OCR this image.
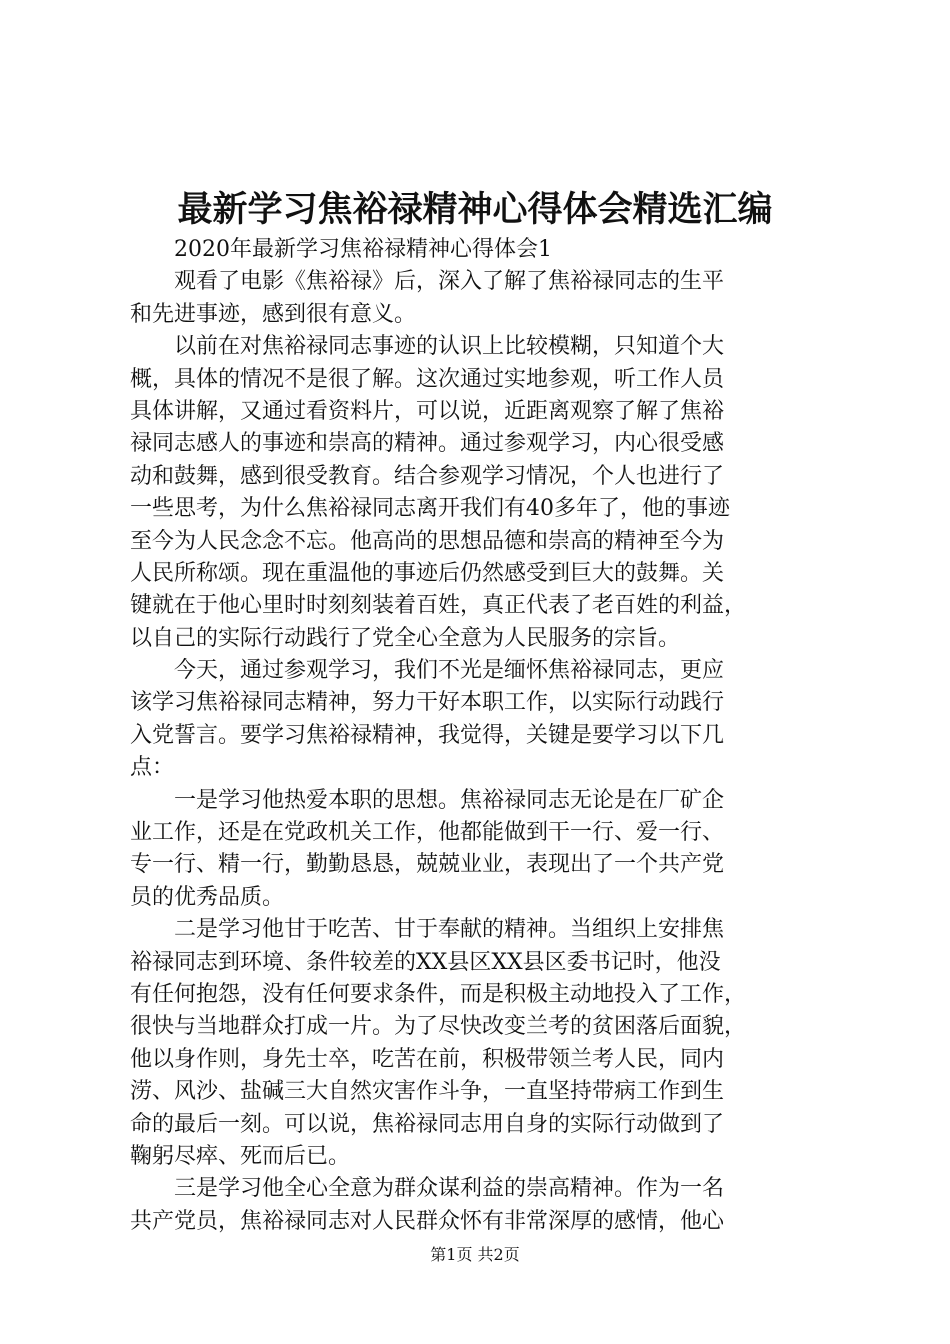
最新学习焦裕禄精神心得体会精选汇编
2020年最新学习焦裕禄精神心得体会1
观看了电影《焦裕禄》后，深入了解了焦裕禄同志的生平
和先进事迹，感到很有意义。
以前在对焦裕禄同志事迹的认识上比较模糊，只知道个大
概，具体的情况不是很了解。这次通过实地参观，听工作人员
具体讲解，又通过看资料片，可以说，近距离观察了解了焦裕
禄同志感人的事迹和崇高的精神。通过参观学习，内心很受感
动和鼓舞，感到很受教育。结合参观学习情况，个人也进行了
一些思考，为什么焦裕禄同志离开我们有40多年了，他的事迹
至今为人民念念不忘。他高尚的思想品德和崇高的精神至今为
人民所称颂。现在重温他的事迹后仍然感受到巨大的鼓舞。关
键就在于他心里时时刻刻装着百姓，真正代表了老百姓的利益，
以自己的实际行动践行了党全心全意为人民服务的宗旨。
今天，通过参观学习，我们不光是缅怀焦裕禄同志，更应
该学习焦裕禄同志精神，努力干好本职工作，以实际行动践行
入党誓言。要学习焦裕禄精神，我觉得，关键是要学习以下几
点：
一是学习他热爱本职的思想。焦裕禄同志无论是在厂矿企
业工作，还是在党政机关工作，他都能做到干一行、爱一行、
专一行、精一行，勤勤恳恳，兢兢业业，表现出了一个共产党
员的优秀品质。
二是学习他甘于吃苦、甘于奉献的精神。当组织上安排焦
裕禄同志到环境、条件较差的XX县区XX县区委书记时，他没
有任何抱怨，没有任何要求条件，而是积极主动地投入了工作，
很快与当地群众打成一片。为了尽快改变兰考的贫困落后面貌，
他以身作则，身先士卒，吃苦在前，积极带领兰考人民，同内
涝、风沙、盐碱三大自然灾害作斗争，一直坚持带病工作到生
命的最后一刻。可以说，焦裕禄同志用自身的实际行动做到了
鞠躬尽瘁、死而后已。
三是学习他全心全意为群众谋利益的崇高精神。作为一名
共产党员，焦裕禄同志对人民群众怀有非常深厚的感情，他心
第1页 共2页
